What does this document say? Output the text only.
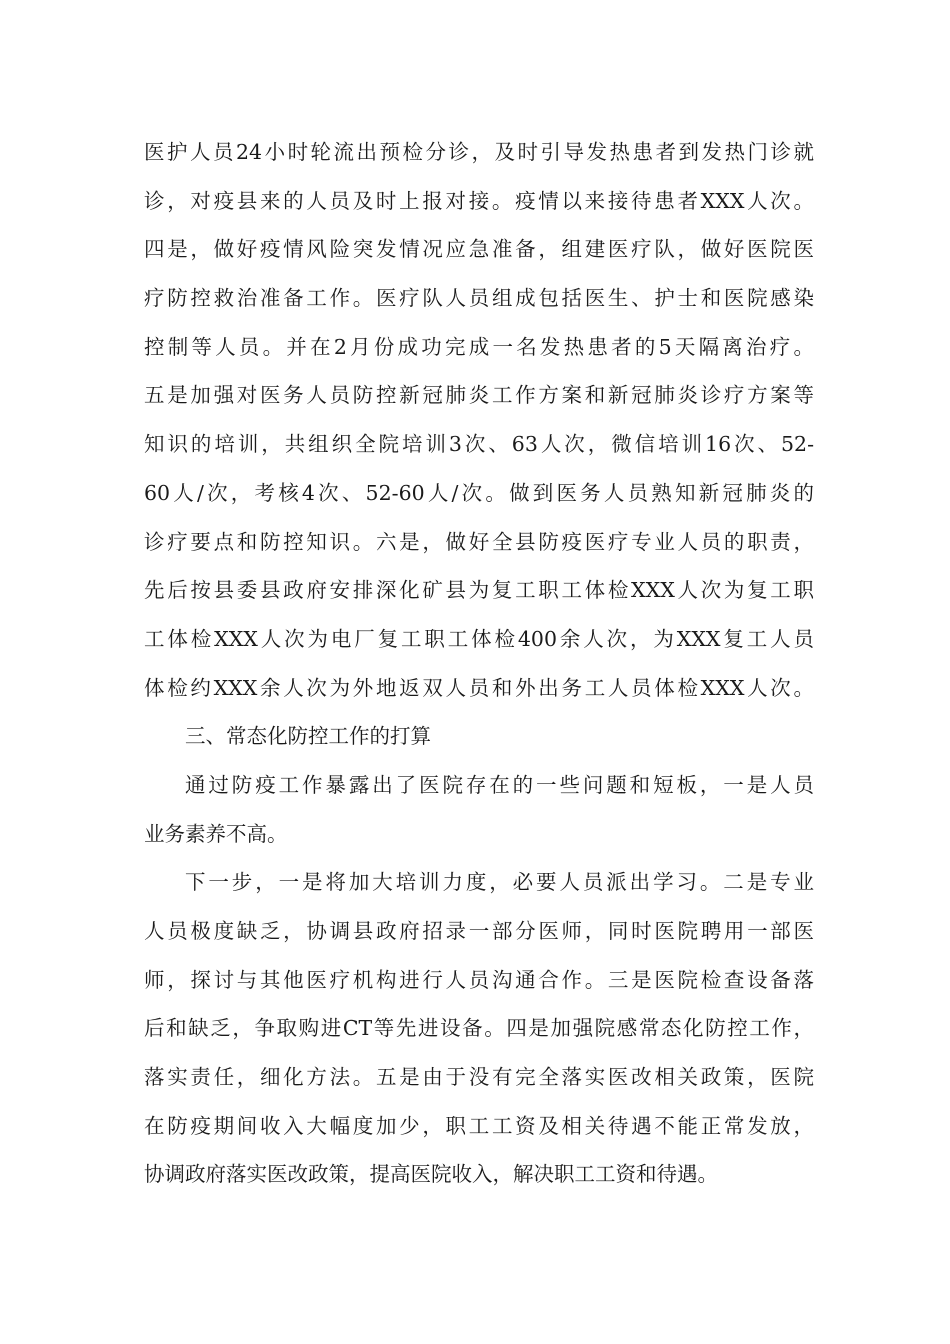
医护人员24小时轮流出预检分诊，及时引导发热患者到发热门诊就
诊，对疫县来的人员及时上报对接。疫情以来接待患者XXX人次。
四是，做好疫情风险突发情况应急准备，组建医疗队，做好医院医
疗防控救治准备工作。医疗队人员组成包括医生、护士和医院感染
控制等人员。并在2月份成功完成一名发热患者的5天隔离治疗。
五是加强对医务人员防控新冠肺炎工作方案和新冠肺炎诊疗方案等
知识的培训，共组织全院培训3次、63人次，微信培训16次、52-
60人/次，考核4次、52-60人/次。做到医务人员熟知新冠肺炎的
诊疗要点和防控知识。六是，做好全县防疫医疗专业人员的职责，
先后按县委县政府安排深化矿县为复工职工体检XXX人次为复工职
工体检XXX人次为电厂复工职工体检400余人次，为XXX复工人员
体检约XXX余人次为外地返双人员和外出务工人员体检XXX人次。
三、常态化防控工作的打算
通过防疫工作暴露出了医院存在的一些问题和短板，一是人员
业务素养不高。
下一步，一是将加大培训力度，必要人员派出学习。二是专业
人员极度缺乏，协调县政府招录一部分医师，同时医院聘用一部医
师，探讨与其他医疗机构进行人员沟通合作。三是医院检查设备落
后和缺乏，争取购进CT等先进设备。四是加强院感常态化防控工作，
落实责任，细化方法。五是由于没有完全落实医改相关政策，医院
在防疫期间收入大幅度加少，职工工资及相关待遇不能正常发放，
协调政府落实医改政策，提高医院收入，解决职工工资和待遇。
